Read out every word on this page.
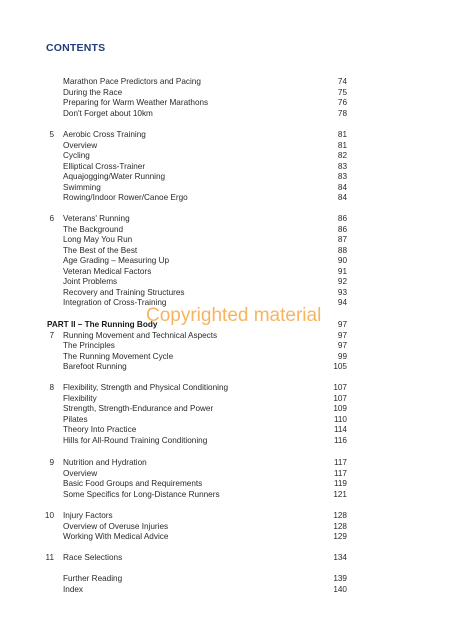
CONTENTS
Marathon Pace Predictors and Pacing	74
During the Race	75
Preparing for Warm Weather Marathons	76
Don't Forget about 10km	78
5 Aerobic Cross Training	81
Overview	81
Cycling	82
Elliptical Cross-Trainer	83
Aquajogging/Water Running	83
Swimming	84
Rowing/Indoor Rower/Canoe Ergo	84
6 Veterans' Running	86
The Background	86
Long May You Run	87
The Best of the Best	88
Age Grading – Measuring Up	90
Veteran Medical Factors	91
Joint Problems	92
Recovery and Training Structures	93
Integration of Cross-Training	94
PART II – The Running Body	97
7 Running Movement and Technical Aspects	97
The Principles	97
The Running Movement Cycle	99
Barefoot Running	105
8 Flexibility, Strength and Physical Conditioning	107
Flexibility	107
Strength, Strength-Endurance and Power	109
Pilates	110
Theory Into Practice	114
Hills for All-Round Training Conditioning	116
9 Nutrition and Hydration	117
Overview	117
Basic Food Groups and Requirements	119
Some Specifics for Long-Distance Runners	121
10 Injury Factors	128
Overview of Overuse Injuries	128
Working With Medical Advice	129
11 Race Selections	134
Further Reading	139
Index	140
Copyrighted material
